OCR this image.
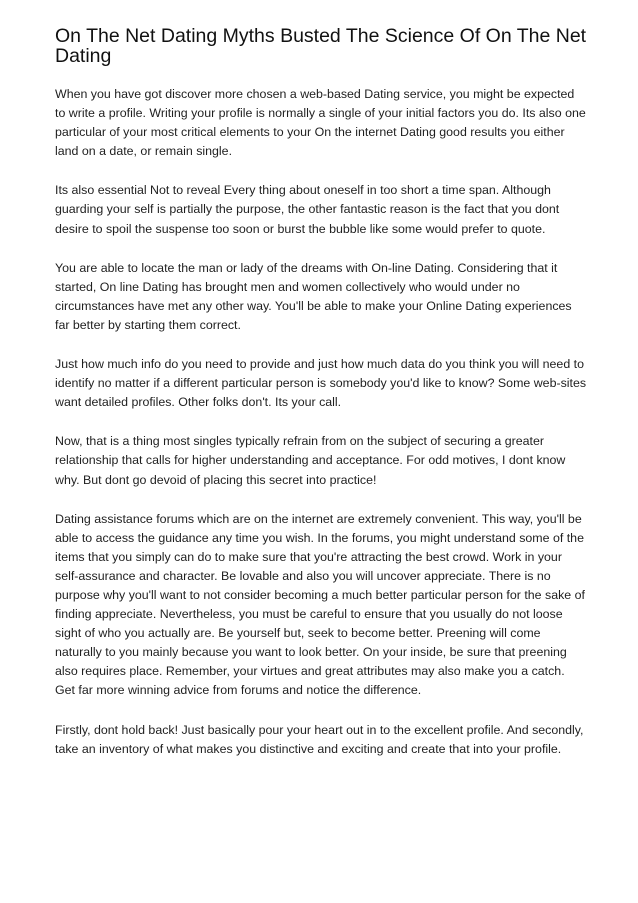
On The Net Dating Myths Busted The Science Of On The Net Dating

When you have got discover more chosen a web-based Dating service, you might be expected to write a profile. Writing your profile is normally a single of your initial factors you do. Its also one particular of your most critical elements to your On the internet Dating good results you either land on a date, or remain single.

Its also essential Not to reveal Every thing about oneself in too short a time span. Although guarding your self is partially the purpose, the other fantastic reason is the fact that you dont desire to spoil the suspense too soon or burst the bubble like some would prefer to quote.

You are able to locate the man or lady of the dreams with On-line Dating. Considering that it started, On line Dating has brought men and women collectively who would under no circumstances have met any other way. You'll be able to make your Online Dating experiences far better by starting them correct.

Just how much info do you need to provide and just how much data do you think you will need to identify no matter if a different particular person is somebody you'd like to know? Some web-sites want detailed profiles. Other folks don't. Its your call.

Now, that is a thing most singles typically refrain from on the subject of securing a greater relationship that calls for higher understanding and acceptance. For odd motives, I dont know why. But dont go devoid of placing this secret into practice!

Dating assistance forums which are on the internet are extremely convenient. This way, you'll be able to access the guidance any time you wish. In the forums, you might understand some of the items that you simply can do to make sure that you're attracting the best crowd. Work in your self-assurance and character. Be lovable and also you will uncover appreciate. There is no purpose why you'll want to not consider becoming a much better particular person for the sake of finding appreciate. Nevertheless, you must be careful to ensure that you usually do not loose sight of who you actually are. Be yourself but, seek to become better. Preening will come naturally to you mainly because you want to look better. On your inside, be sure that preening also requires place. Remember, your virtues and great attributes may also make you a catch. Get far more winning advice from forums and notice the difference.

Firstly, dont hold back! Just basically pour your heart out in to the excellent profile. And secondly, take an inventory of what makes you distinctive and exciting and create that into your profile.
